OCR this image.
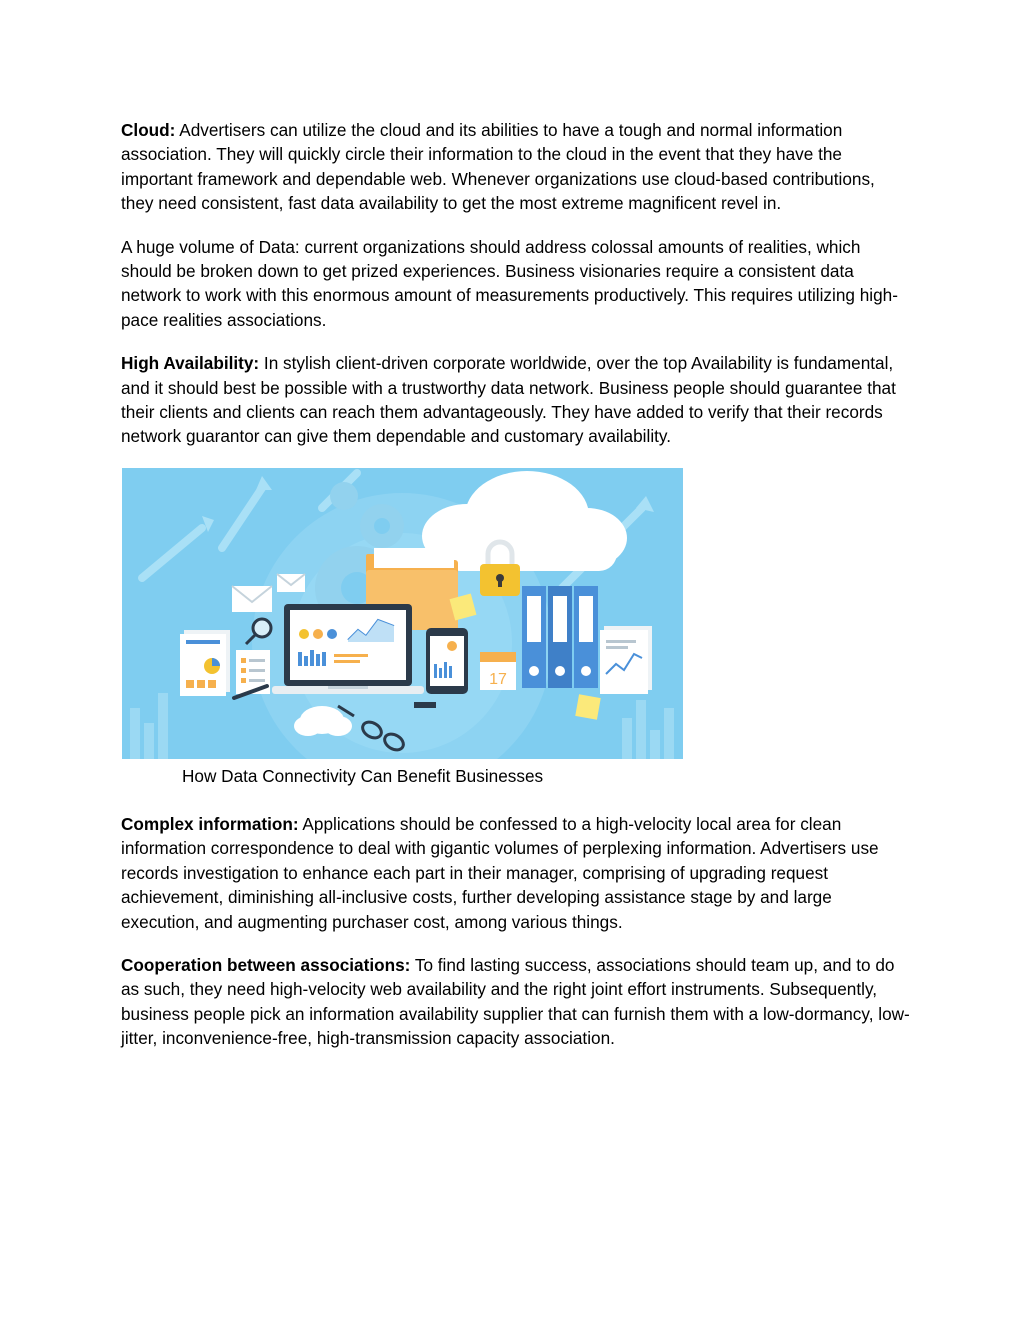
Cloud: Advertisers can utilize the cloud and its abilities to have a tough and normal information association. They will quickly circle their information to the cloud in the event that they have the important framework and dependable web. Whenever organizations use cloud-based contributions, they need consistent, fast data availability to get the most extreme magnificent revel in.

A huge volume of Data: current organizations should address colossal amounts of realities, which should be broken down to get prized experiences. Business visionaries require a consistent data network to work with this enormous amount of measurements productively. This requires utilizing high-pace realities associations.

High Availability: In stylish client-driven corporate worldwide, over the top Availability is fundamental, and it should best be possible with a trustworthy data network. Business people should guarantee that their clients and clients can reach them advantageously. They have added to verify that their records network guarantor can give them dependable and customary availability.

17
How Data Connectivity Can Benefit Businesses

Complex information: Applications should be confessed to a high-velocity local area for clean information correspondence to deal with gigantic volumes of perplexing information. Advertisers use records investigation to enhance each part in their manager, comprising of upgrading request achievement, diminishing all-inclusive costs, further developing assistance stage by and large execution, and augmenting purchaser cost, among various things.

Cooperation between associations: To find lasting success, associations should team up, and to do as such, they need high-velocity web availability and the right joint effort instruments. Subsequently, business people pick an information availability supplier that can furnish them with a low-dormancy, low-jitter, inconvenience-free, high-transmission capacity association.
